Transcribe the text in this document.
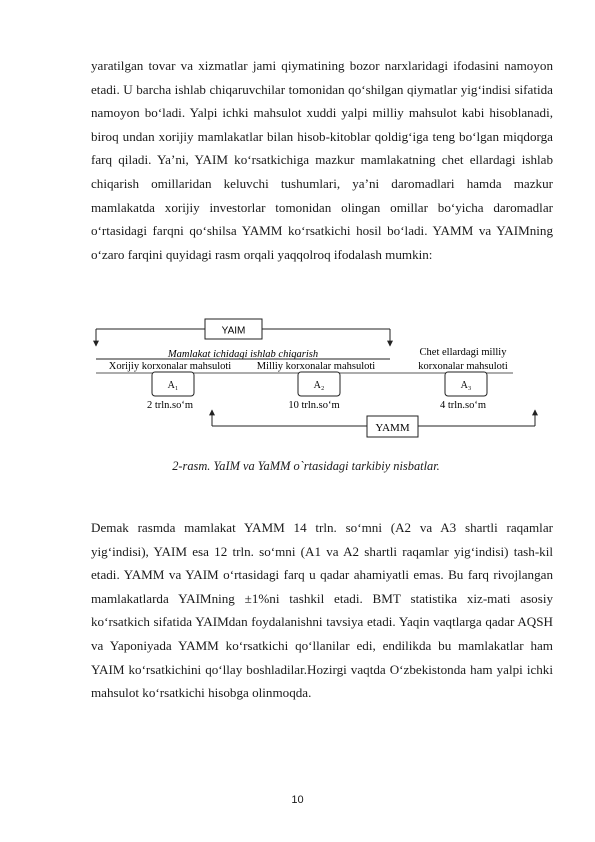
yaratilgan tovar va xizmatlar jami qiymatining bozor narxlaridagi ifodasini namoyon etadi. U barcha ishlab chiqaruvchilar tomonidan qo‘shilgan qiymatlar yig‘indisi sifatida namoyon bo‘ladi. Yalpi ichki mahsulot xuddi yalpi milliy mahsulot kabi hisoblanadi, biroq undan xorijiy mamlakatlar bilan hisob-kitoblar qoldig‘iga teng bo‘lgan miqdorga farq qiladi. Ya’ni, YAIM ko‘rsatkichiga mazkur mamlakatning chet ellardagi ishlab chiqarish omillaridan keluvchi tushumlari, ya’ni daromadlari hamda mazkur mamlakatda xorijiy investorlar tomonidan olingan omillar bo‘yicha daromadlar o‘rtasidagi farqni qo‘shilsa YAMM ko‘rsatkichi hosil bo‘ladi. YAMM va YAIMning o‘zaro farqini quyidagi rasm orqali yaqqolroq ifodalash mumkin:

YAIM
Mamlakat ichidagi ishlab chiqarish	Chet ellardagi milliy
korxonalar mahsuloti
Xorijiy korxonalar mahsuloti Milliy korxonalar mahsuloti
A₁	A₂	A₃
2 trln.so‘m	10 trln.so‘m	4 trln.so‘m
YAMM
2-rasm. YaIM va YaMM o`rtasidagi tarkibiy nisbatlar.

Demak rasmda mamlakat YAMM 14 trln. so‘mni (A2 va A3 shartli raqamlar yig‘indisi), YAIM esa 12 trln. so‘mni (A1 va A2 shartli raqamlar yig‘indisi) tash-kil etadi. YAMM va YAIM o‘rtasidagi farq u qadar ahamiyatli emas. Bu farq rivojlangan mamlakatlarda YAIMning ±1%ni tashkil etadi. BMT statistika xiz-mati asosiy ko‘rsatkich sifatida YAIMdan foydalanishni tavsiya etadi. Yaqin vaqtlarga qadar AQSH va Yaponiyada YAMM ko‘rsatkichi qo‘llanilar edi, endilikda bu mamlakatlar ham YAIM ko‘rsatkichini qo‘llay boshladilar.Hozirgi vaqtda O‘zbekistonda ham yalpi ichki mahsulot ko‘rsatkichi hisobga olinmoqda.

10
